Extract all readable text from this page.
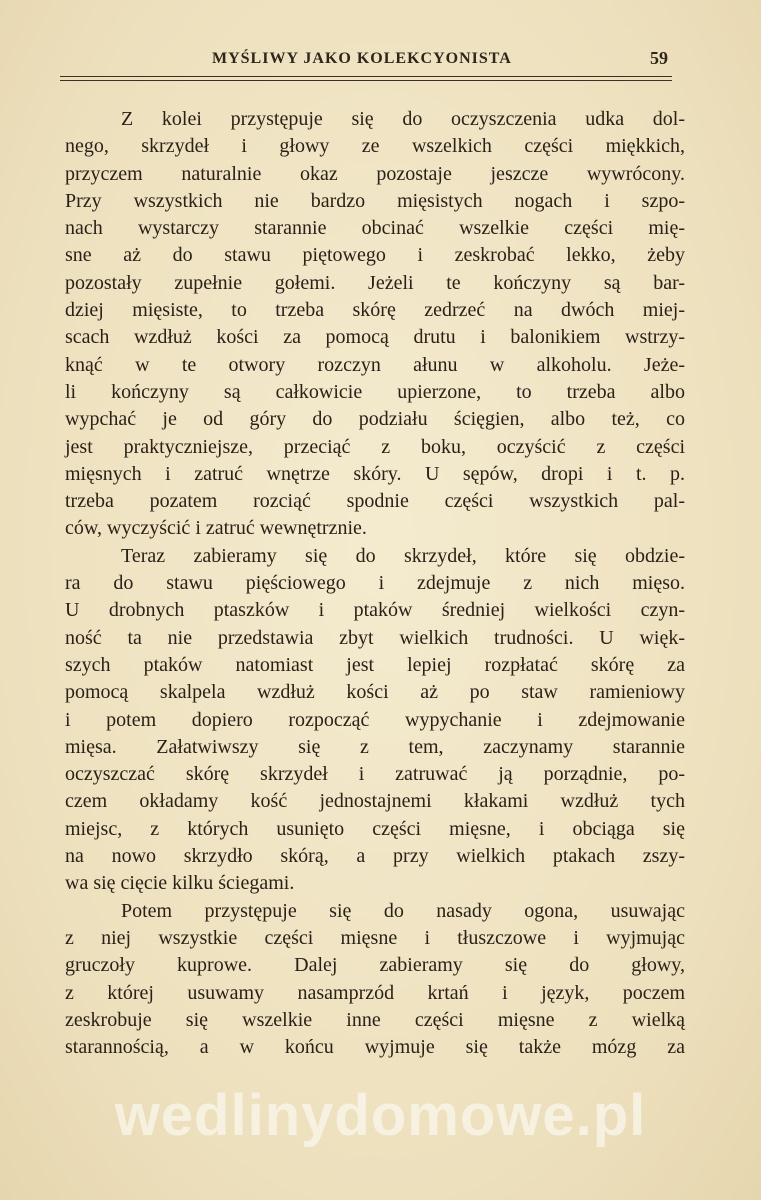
MYŚLIWY JAKO KOLEKCYONISTA	59
Z kolei przystępuje się do oczyszczenia udka dol-
nego, skrzydeł i głowy ze wszelkich części miękkich,
przyczem naturalnie okaz pozostaje jeszcze wywrócony.
Przy wszystkich nie bardzo mięsistych nogach i szpo-
nach wystarczy starannie obcinać wszelkie części mię-
sne aż do stawu piętowego i zeskrobać lekko, żeby
pozostały zupełnie gołemi. Jeżeli te kończyny są bar-
dziej mięsiste, to trzeba skórę zedrzeć na dwóch miej-
scach wzdłuż kości za pomocą drutu i balonikiem wstrzy-
knąć w te otwory rozczyn ałunu w alkoholu. Jeże-
li kończyny są całkowicie upierzone, to trzeba albo
wypchać je od góry do podziału ścięgien, albo też, co
jest praktyczniejsze, przeciąć z boku, oczyścić z części
mięsnych i zatruć wnętrze skóry. U sępów, dropi i t. p.
trzeba pozatem rozciąć spodnie części wszystkich pal-
ców, wyczyścić i zatruć wewnętrznie.
Teraz zabieramy się do skrzydeł, które się obdzie-
ra do stawu pięściowego i zdejmuje z nich mięso.
U drobnych ptaszków i ptaków średniej wielkości czyn-
ność ta nie przedstawia zbyt wielkich trudności. U więk-
szych ptaków natomiast jest lepiej rozpłatać skórę za
pomocą skalpela wzdłuż kości aż po staw ramieniowy
i potem dopiero rozpocząć wypychanie i zdejmowanie
mięsa. Załatwiwszy się z tem, zaczynamy starannie
oczyszczać skórę skrzydeł i zatruwać ją porządnie, po-
czem okładamy kość jednostajnemi kłakami wzdłuż tych
miejsc, z których usunięto części mięsne, i obciąga się
na nowo skrzydło skórą, a przy wielkich ptakach zszy-
wa się cięcie kilku ściegami.
Potem przystępuje się do nasady ogona, usuwając
z niej wszystkie części mięsne i tłuszczowe i wyjmując
gruczoły kuprowe. Dalej zabieramy się do głowy,
z której usuwamy nasamprzód krtań i język, poczem
zeskrobuje się wszelkie inne części mięsne z wielką
starannością, a w końcu wyjmuje się także mózg za
wedlinydomowe.pl
